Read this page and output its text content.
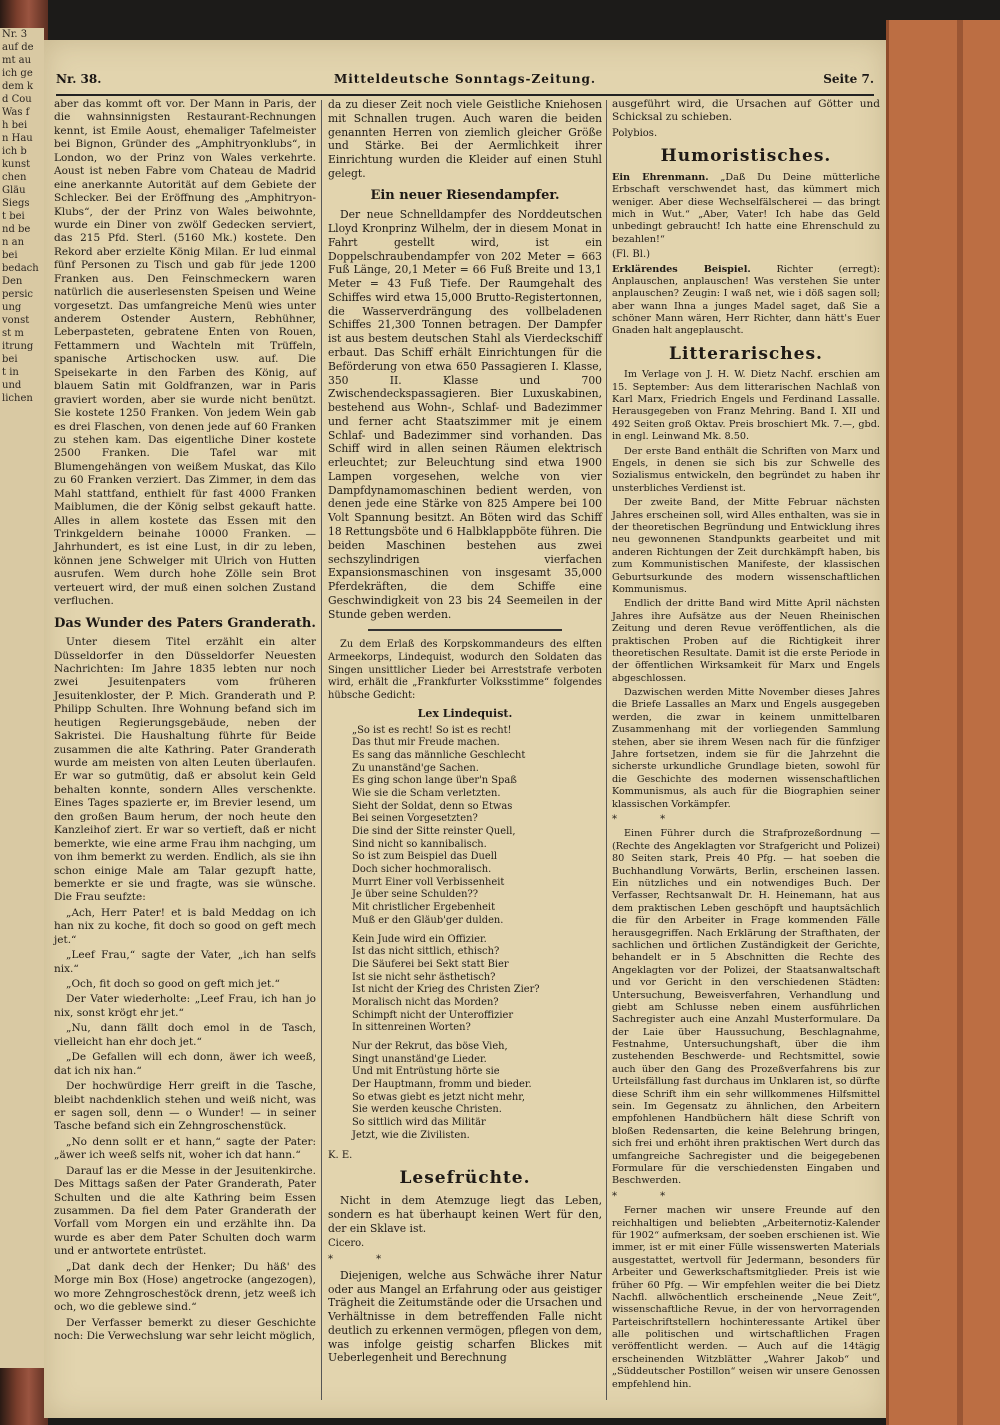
Nr. 3

auf de

mt au

ich ge

dem k

d Cou

Was f

h bei

n Hau

ich b

kunst

chen

Gläu

Siegs

t bei

nd be

n an

bei

bedach

Den

persic

ung

vonst

st m

itrung

bei

t in

und

lichen

Nr. 38.	Mitteldeutsche Sonntags-Zeitung.	Seite 7.

aber das kommt oft vor. Der Mann in Paris, der die wahnsinnigsten Restaurant-Rechnungen kennt, ist Emile Aoust, ehemaliger Tafelmeister bei Bignon, Gründer des „Amphitryonklubs“, in London, wo der Prinz von Wales verkehrte. Aoust ist neben Fabre vom Chateau de Madrid eine anerkannte Autorität auf dem Gebiete der Schlecker. Bei der Eröffnung des „Amphitryon-Klubs“, der der Prinz von Wales beiwohnte, wurde ein Diner von zwölf Gedecken serviert, das 215 Pfd. Sterl. (5160 Mk.) kostete. Den Rekord aber erzielte König Milan. Er lud einmal fünf Personen zu Tisch und gab für jede 1200 Franken aus. Den Feinschmeckern waren natürlich die auserlesensten Speisen und Weine vorgesetzt. Das umfangreiche Menü wies unter anderem Ostender Austern, Rebhühner, Leberpasteten, gebratene Enten von Rouen, Fettammern und Wachteln mit Trüffeln, spanische Artischocken usw. auf. Die Speisekarte in den Farben des König, auf blauem Satin mit Goldfranzen, war in Paris graviert worden, aber sie wurde nicht benützt. Sie kostete 1250 Franken. Von jedem Wein gab es drei Flaschen, von denen jede auf 60 Franken zu stehen kam. Das eigentliche Diner kostete 2500 Franken. Die Tafel war mit Blumengehängen von weißem Muskat, das Kilo zu 60 Franken verziert. Das Zimmer, in dem das Mahl stattfand, enthielt für fast 4000 Franken Maiblumen, die der König selbst gekauft hatte. Alles in allem kostete das Essen mit den Trinkgeldern beinahe 10000 Franken. — Jahrhundert, es ist eine Lust, in dir zu leben, können jene Schwelger mit Ulrich von Hutten ausrufen. Wem durch hohe Zölle sein Brot verteuert wird, der muß einen solchen Zustand verfluchen.

Das Wunder des Paters Granderath.

Unter diesem Titel erzählt ein alter Düsseldorfer in den Düsseldorfer Neuesten Nachrichten: Im Jahre 1835 lebten nur noch zwei Jesuitenpaters vom früheren Jesuitenkloster, der P. Mich. Granderath und P. Philipp Schulten. Ihre Wohnung befand sich im heutigen Regierungsgebäude, neben der Sakristei. Die Haushaltung führte für Beide zusammen die alte Kathring. Pater Granderath wurde am meisten von alten Leuten überlaufen. Er war so gutmütig, daß er absolut kein Geld behalten konnte, sondern Alles verschenkte. Eines Tages spazierte er, im Brevier lesend, um den großen Baum herum, der noch heute den Kanzleihof ziert. Er war so vertieft, daß er nicht bemerkte, wie eine arme Frau ihm nachging, um von ihm bemerkt zu werden. Endlich, als sie ihn schon einige Male am Talar gezupft hatte, bemerkte er sie und fragte, was sie wünsche. Die Frau seufzte:

„Ach, Herr Pater! et is bald Meddag on ich han nix zu koche, fit doch so good on geft mech jet.“

„Leef Frau,“ sagte der Vater, „ich han selfs nix.“

„Och, fit doch so good on geft mich jet.“

Der Vater wiederholte: „Leef Frau, ich han jo nix, sonst krögt ehr jet.“

„Nu, dann fällt doch emol in de Tasch, vielleicht han ehr doch jet.“

„De Gefallen will ech donn, äwer ich weeß, dat ich nix han.“

Der hochwürdige Herr greift in die Tasche, bleibt nachdenklich stehen und weiß nicht, was er sagen soll, denn — o Wunder! — in seiner Tasche befand sich ein Zehngroschenstück.

„No denn sollt er et hann,“ sagte der Pater: „äwer ich weeß selfs nit, woher ich dat hann.“

Darauf las er die Messe in der Jesuitenkirche. Des Mittags saßen der Pater Granderath, Pater Schulten und die alte Kathring beim Essen zusammen. Da fiel dem Pater Granderath der Vorfall vom Morgen ein und erzählte ihn. Da wurde es aber dem Pater Schulten doch warm und er antwortete entrüstet.

„Dat dank dech der Henker; Du häß' des Morge min Box (Hose) angetrocke (angezogen), wo more Zehngroschestöck drenn, jetz weeß ich och, wo die geblewe sind.“

Der Verfasser bemerkt zu dieser Geschichte noch: Die Verwechslung war sehr leicht möglich,

da zu dieser Zeit noch viele Geistliche Kniehosen mit Schnallen trugen. Auch waren die beiden genannten Herren von ziemlich gleicher Größe und Stärke. Bei der Aermlichkeit ihrer Einrichtung wurden die Kleider auf einen Stuhl gelegt.

Ein neuer Riesendampfer.

Der neue Schnelldampfer des Norddeutschen Lloyd Kronprinz Wilhelm, der in diesem Monat in Fahrt gestellt wird, ist ein Doppelschraubendampfer von 202 Meter = 663 Fuß Länge, 20,1 Meter = 66 Fuß Breite und 13,1 Meter = 43 Fuß Tiefe. Der Raumgehalt des Schiffes wird etwa 15,000 Brutto-Registertonnen, die Wasserverdrängung des vollbeladenen Schiffes 21,300 Tonnen betragen. Der Dampfer ist aus bestem deutschen Stahl als Vierdeckschiff erbaut. Das Schiff erhält Einrichtungen für die Beförderung von etwa 650 Passagieren I. Klasse, 350 II. Klasse und 700 Zwischendeckspassagieren. Bier Luxuskabinen, bestehend aus Wohn-, Schlaf- und Badezimmer und ferner acht Staatszimmer mit je einem Schlaf- und Badezimmer sind vorhanden. Das Schiff wird in allen seinen Räumen elektrisch erleuchtet; zur Beleuchtung sind etwa 1900 Lampen vorgesehen, welche von vier Dampfdynamomaschinen bedient werden, von denen jede eine Stärke von 825 Ampere bei 100 Volt Spannung besitzt. An Böten wird das Schiff 18 Rettungsböte und 6 Halbklappböte führen. Die beiden Maschinen bestehen aus zwei sechszylindrigen vierfachen Expansionsmaschinen von insgesamt 35,000 Pferdekräften, die dem Schiffe eine Geschwindigkeit von 23 bis 24 Seemeilen in der Stunde geben werden.

Zu dem Erlaß des Korpskommandeurs des elften Armeekorps, Lindequist, wodurch den Soldaten das Singen unsittlicher Lieder bei Arreststrafe verboten wird, erhält die „Frankfurter Volksstimme“ folgendes hübsche Gedicht:

Lex Lindequist.
„So ist es recht! So ist es recht!
Das thut mir Freude machen.
Es sang das männliche Geschlecht
Zu unanständ'ge Sachen.
Es ging schon lange über'n Spaß
Wie sie die Scham verletzten.
Sieht der Soldat, denn so Etwas
Bei seinen Vorgesetzten?
Die sind der Sitte reinster Quell,
Sind nicht so kannibalisch.
So ist zum Beispiel das Duell
Doch sicher hochmoralisch.
Murrt Einer voll Verbissenheit
Je über seine Schulden??
Mit christlicher Ergebenheit
Muß er den Gläub'ger dulden.
Kein Jude wird ein Offizier.
Ist das nicht sittlich, ethisch?
Die Säuferei bei Sekt statt Bier
Ist sie nicht sehr ästhetisch?
Ist nicht der Krieg des Christen Zier?
Moralisch nicht das Morden?
Schimpft nicht der Unteroffizier
In sittenreinen Worten?
Nur der Rekrut, das böse Vieh,
Singt unanständ'ge Lieder.
Und mit Entrüstung hörte sie
Der Hauptmann, fromm und bieder.
So etwas giebt es jetzt nicht mehr,
Sie werden keusche Christen.
So sittlich wird das Militär
Jetzt, wie die Zivilisten.

K. E.

Lesefrüchte.

Nicht in dem Atemzuge liegt das Leben, sondern es hat überhaupt keinen Wert für den, der ein Sklave ist.

Cicero.

* *

Diejenigen, welche aus Schwäche ihrer Natur oder aus Mangel an Erfahrung oder aus geistiger Trägheit die Zeitumstände oder die Ursachen und Verhältnisse in dem betreffenden Falle nicht deutlich zu erkennen vermögen, pflegen von dem, was infolge geistig scharfen Blickes mit Ueberlegenheit und Berechnung

ausgeführt wird, die Ursachen auf Götter und Schicksal zu schieben.

Polybios.

Humoristisches.

Ein Ehrenmann. „Daß Du Deine mütterliche Erbschaft verschwendet hast, das kümmert mich weniger. Aber diese Wechselfälscherei — das bringt mich in Wut.“ „Aber, Vater! Ich habe das Geld unbedingt gebraucht! Ich hatte eine Ehrenschuld zu bezahlen!“

(Fl. Bl.)

Erklärendes Beispiel.	Richter (erregt): Anplauschen, anplauschen! Was verstehen Sie unter anplauschen? Zeugin: I waß net, wie i döß sagen soll; aber wann Ihna a junges Madel saget, daß Sie a schöner Mann wären, Herr Richter, dann hätt's Euer Gnaden halt angeplauscht.

Litterarisches.

Im Verlage von J. H. W. Dietz Nachf. erschien am 15. September: Aus dem litterarischen Nachlaß von Karl Marx, Friedrich Engels und Ferdinand Lassalle. Herausgegeben von Franz Mehring. Band I. XII und 492 Seiten groß Oktav. Preis broschiert Mk. 7.—, gbd. in engl. Leinwand Mk. 8.50.

Der erste Band enthält die Schriften von Marx und Engels, in denen sie sich bis zur Schwelle des Sozialismus entwickeln, den begründet zu haben ihr unsterbliches Verdienst ist.

Der zweite Band, der Mitte Februar nächsten Jahres erscheinen soll, wird Alles enthalten, was sie in der theoretischen Begründung und Entwicklung ihres neu gewonnenen Standpunkts gearbeitet und mit anderen Richtungen der Zeit durchkämpft haben, bis zum Kommunistischen Manifeste, der klassischen Geburtsurkunde des modern wissenschaftlichen Kommunismus.

Endlich der dritte Band wird Mitte April nächsten Jahres ihre Aufsätze aus der Neuen Rheinischen Zeitung und deren Revue veröffentlichen, als die praktischen Proben auf die Richtigkeit ihrer theoretischen Resultate. Damit ist die erste Periode in der öffentlichen Wirksamkeit für Marx und Engels abgeschlossen.

Dazwischen werden Mitte November dieses Jahres die Briefe Lassalles an Marx und Engels ausgegeben werden, die zwar in keinem unmittelbaren Zusammenhang mit der vorliegenden Sammlung stehen, aber sie ihrem Wesen nach für die fünfziger Jahre fortsetzen, indem sie für die Jahrzehnt die sicherste urkundliche Grundlage bieten, sowohl für die Geschichte des modernen wissenschaftlichen Kommunismus, als auch für die Biographien seiner klassischen Vorkämpfer.

* *

Einen Führer durch die Strafprozeßordnung — (Rechte des Angeklagten vor Strafgericht und Polizei) 80 Seiten stark, Preis 40 Pfg. — hat soeben die Buchhandlung Vorwärts, Berlin, erscheinen lassen. Ein nützliches und ein notwendiges Buch. Der Verfasser, Rechtsanwalt Dr. H. Heinemann, hat aus dem praktischen Leben geschöpft und hauptsächlich die für den Arbeiter in Frage kommenden Fälle herausgegriffen. Nach Erklärung der Strafthaten, der sachlichen und örtlichen Zuständigkeit der Gerichte, behandelt er in 5 Abschnitten die Rechte des Angeklagten vor der Polizei, der Staatsanwaltschaft und vor Gericht in den verschiedenen Städten: Untersuchung, Beweisverfahren, Verhandlung und giebt am Schlusse neben einem ausführlichen Sachregister auch eine Anzahl Musterformulare. Da der Laie über Haussuchung, Beschlagnahme, Festnahme, Untersuchungshaft, über die ihm zustehenden Beschwerde- und Rechtsmittel, sowie auch über den Gang des Prozeßverfahrens bis zur Urteilsfällung fast durchaus im Unklaren ist, so dürfte diese Schrift ihm ein sehr willkommenes Hilfsmittel sein. Im Gegensatz zu ähnlichen, den Arbeitern empfohlenen Handbüchern hält diese Schrift von bloßen Redensarten, die keine Belehrung bringen, sich frei und erhöht ihren praktischen Wert durch das umfangreiche Sachregister und die beigegebenen Formulare für die verschiedensten Eingaben und Beschwerden.

* *

Ferner machen wir unsere Freunde auf den reichhaltigen und beliebten „Arbeiternotiz-Kalender für 1902“ aufmerksam, der soeben erschienen ist. Wie immer, ist er mit einer Fülle wissenswerten Materials ausgestattet, wertvoll für Jedermann, besonders für Arbeiter und Gewerkschaftsmitglieder. Preis ist wie früher 60 Pfg. — Wir empfehlen weiter die bei Dietz Nachfl. allwöchentlich erscheinende „Neue Zeit“, wissenschaftliche Revue, in der von hervorragenden Parteischriftstellern hochinteressante Artikel über alle politischen und wirtschaftlichen Fragen veröffentlicht werden. — Auch auf die 14tägig erscheinenden Witzblätter „Wahrer Jakob“ und „Süddeutscher Postillon“ weisen wir unsere Genossen empfehlend hin.
